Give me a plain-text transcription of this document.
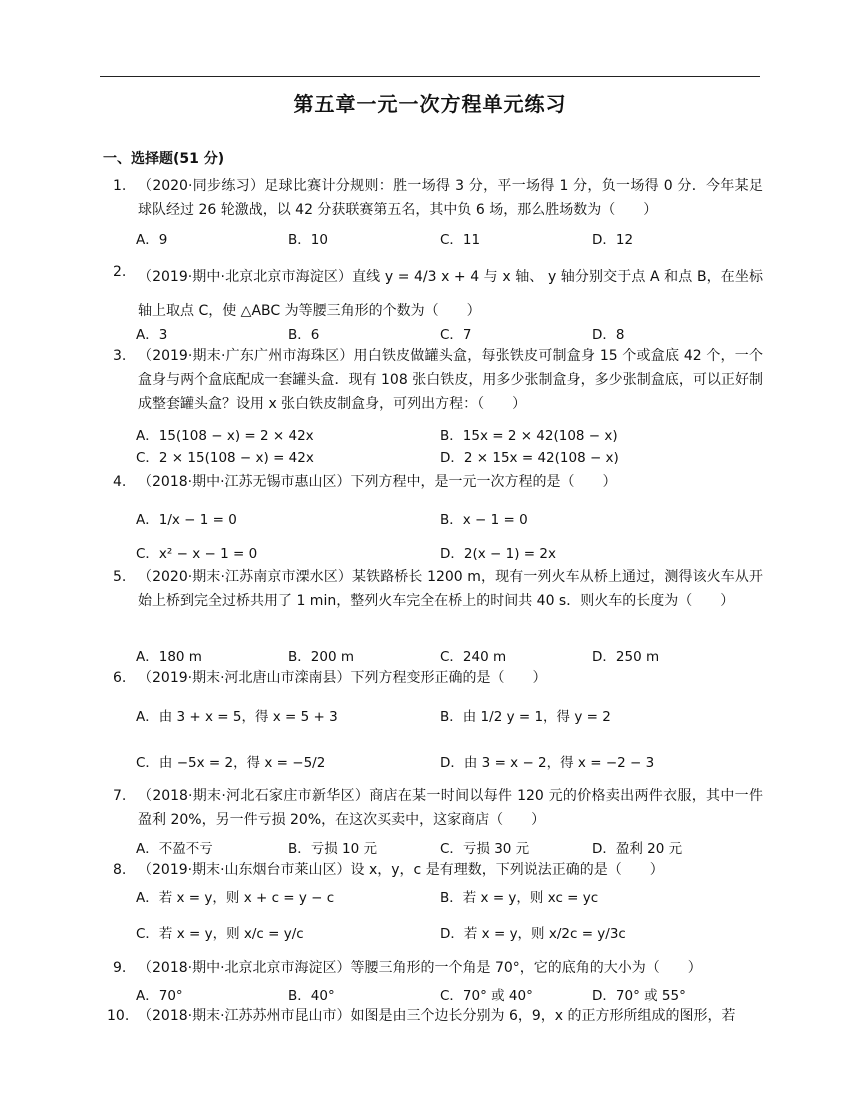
第五章一元一次方程单元练习
一、选择题(51 分)
1. （2020·同步练习）足球比赛计分规则：胜一场得 3 分，平一场得 1 分，负一场得 0 分．今年某足球队经过 26 轮激战，以 42 分获联赛第五名，其中负 6 场，那么胜场数为（　　）

A．9	B．10	C．11	D．12
2. （2019·期中·北京北京市海淀区）直线 y = 4/3 x + 4 与 x 轴、 y 轴分别交于点 A 和点 B，在坐标轴上取点 C，使 △ABC 为等腰三角形的个数为（　　）

A．3	B．6	C．7	D．8
3. （2019·期末·广东广州市海珠区）用白铁皮做罐头盒，每张铁皮可制盒身 15 个或盒底 42 个，一个盒身与两个盒底配成一套罐头盒．现有 108 张白铁皮，用多少张制盒身，多少张制盒底，可以正好制成整套罐头盒？设用 x 张白铁皮制盒身，可列出方程：（　　）

A．15(108 − x) = 2 × 42x	B．15x = 2 × 42(108 − x)
C．2 × 15(108 − x) = 42x	D．2 × 15x = 42(108 − x)
4. （2018·期中·江苏无锡市惠山区）下列方程中，是一元一次方程的是（　　）

A．1/x − 1 = 0	B．x − 1 = 0
C．x² − x − 1 = 0	D．2(x − 1) = 2x
5. （2020·期末·江苏南京市溧水区）某铁路桥长 1200 m，现有一列火车从桥上通过，测得该火车从开始上桥到完全过桥共用了 1 min，整列火车完全在桥上的时间共 40 s．则火车的长度为（　　）

A．180 m	B．200 m	C．240 m	D．250 m
6. （2019·期末·河北唐山市滦南县）下列方程变形正确的是（　　）

A．由 3 + x = 5，得 x = 5 + 3	B．由 1/2 y = 1，得 y = 2
C．由 −5x = 2，得 x = −5/2	D．由 3 = x − 2，得 x = −2 − 3
7. （2018·期末·河北石家庄市新华区）商店在某一时间以每件 120 元的价格卖出两件衣服，其中一件盈利 20%，另一件亏损 20%，在这次买卖中，这家商店（　　）

A．不盈不亏	B．亏损 10 元	C．亏损 30 元	D．盈利 20 元
8. （2019·期末·山东烟台市莱山区）设 x，y，c 是有理数，下列说法正确的是（　　）

A．若 x = y，则 x + c = y − c	B．若 x = y，则 xc = yc
C．若 x = y，则 x/c = y/c	D．若 x = y，则 x/2c = y/3c
9. （2018·期中·北京北京市海淀区）等腰三角形的一个角是 70°，它的底角的大小为（　　）

A．70°	B．40°	C．70° 或 40°	D．70° 或 55°
10. （2018·期末·江苏苏州市昆山市）如图是由三个边长分别为 6，9，x 的正方形所组成的图形，若
